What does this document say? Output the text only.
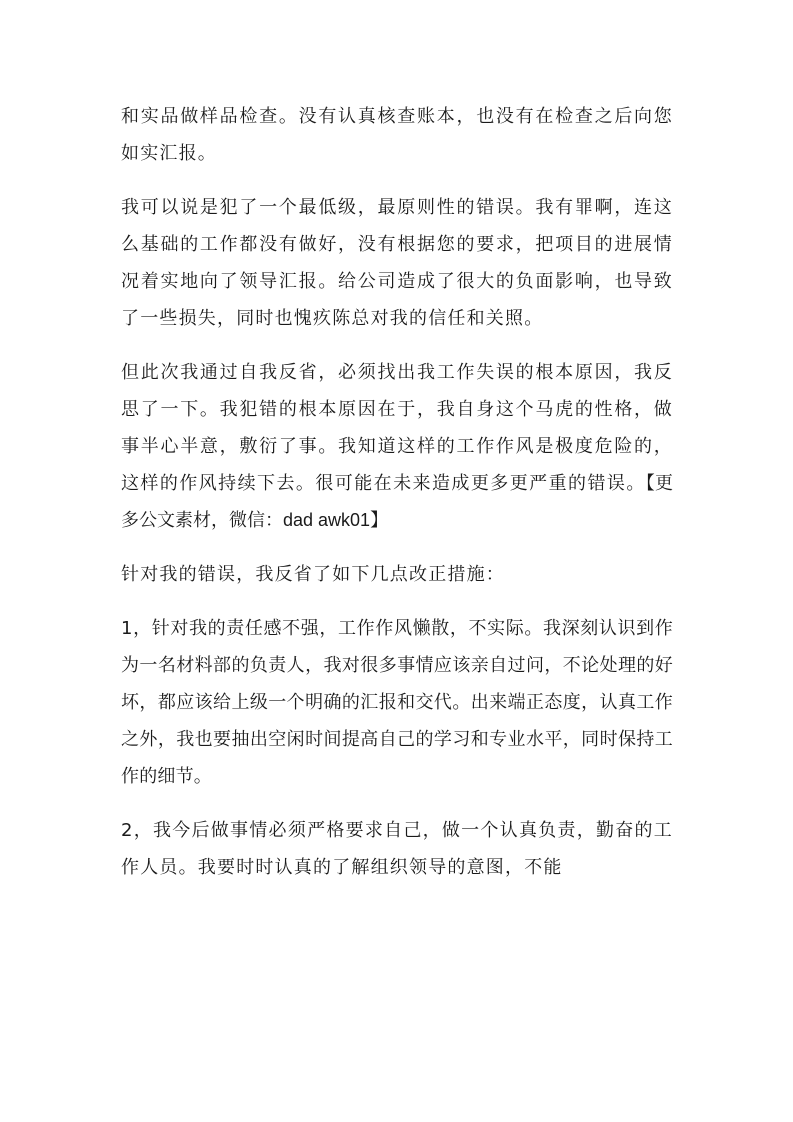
和实品做样品检查。没有认真核查账本，也没有在检查之后向您如实汇报。

我可以说是犯了一个最低级，最原则性的错误。我有罪啊，连这么基础的工作都没有做好，没有根据您的要求，把项目的进展情况着实地向了领导汇报。给公司造成了很大的负面影响，也导致了一些损失，同时也愧疚陈总对我的信任和关照。

但此次我通过自我反省，必须找出我工作失误的根本原因，我反思了一下。我犯错的根本原因在于，我自身这个马虎的性格，做事半心半意，敷衍了事。我知道这样的工作作风是极度危险的，这样的作风持续下去。很可能在未来造成更多更严重的错误。【更多公文素材，微信：dad awk01】

针对我的错误，我反省了如下几点改正措施：

1，针对我的责任感不强，工作作风懒散，不实际。我深刻认识到作为一名材料部的负责人，我对很多事情应该亲自过问，不论处理的好坏，都应该给上级一个明确的汇报和交代。出来端正态度，认真工作之外，我也要抽出空闲时间提高自己的学习和专业水平，同时保持工作的细节。

2，我今后做事情必须严格要求自己，做一个认真负责，勤奋的工作人员。我要时时认真的了解组织领导的意图，不能
